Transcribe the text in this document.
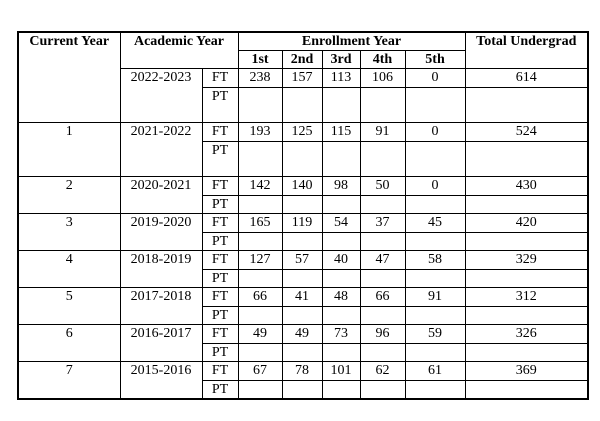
Current Year	Academic Year		Enrollment Year					Total Undergrad
			1st	2nd	3rd	4th	5th	
	2022-2023	FT	238	157	113	106	0	614
		PT						
1	2021-2022	FT	193	125	115	91	0	524
		PT						
2	2020-2021	FT	142	140	98	50	0	430
		PT						
3	2019-2020	FT	165	119	54	37	45	420
		PT						
4	2018-2019	FT	127	57	40	47	58	329
		PT						
5	2017-2018	FT	66	41	48	66	91	312
		PT						
6	2016-2017	FT	49	49	73	96	59	326
		PT						
7	2015-2016	FT	67	78	101	62	61	369
		PT						
